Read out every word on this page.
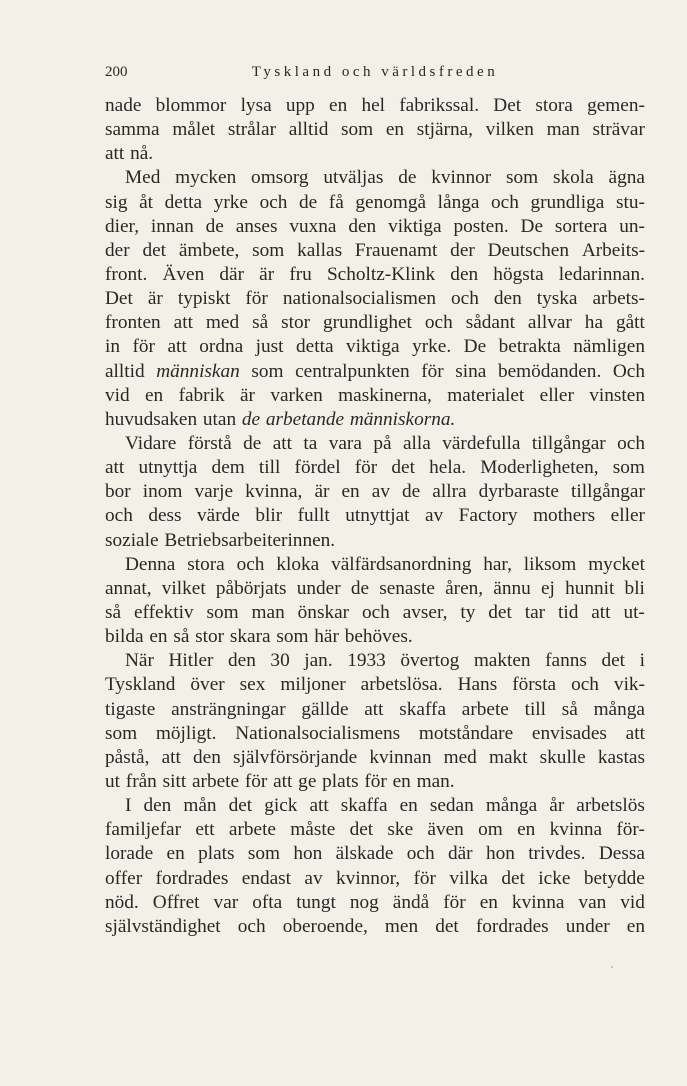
200	Tyskland och världsfreden
nade blommor lysa upp en hel fabrikssal. Det stora gemen-
samma målet strålar alltid som en stjärna, vilken man strävar
att nå.
Med mycken omsorg utväljas de kvinnor som skola ägna
sig åt detta yrke och de få genomgå långa och grundliga stu-
dier, innan de anses vuxna den viktiga posten. De sortera un-
der det ämbete, som kallas Frauenamt der Deutschen Arbeits-
front. Även där är fru Scholtz-Klink den högsta ledarinnan.
Det är typiskt för nationalsocialismen och den tyska arbets-
fronten att med så stor grundlighet och sådant allvar ha gått
in för att ordna just detta viktiga yrke. De betrakta nämligen
alltid människan som centralpunkten för sina bemödanden. Och
vid en fabrik är varken maskinerna, materialet eller vinsten
huvudsaken utan de arbetande människorna.
Vidare förstå de att ta vara på alla värdefulla tillgångar och
att utnyttja dem till fördel för det hela. Moderligheten, som
bor inom varje kvinna, är en av de allra dyrbaraste tillgångar
och dess värde blir fullt utnyttjat av Factory mothers eller
soziale Betriebsarbeiterinnen.
Denna stora och kloka välfärdsanordning har, liksom mycket
annat, vilket påbörjats under de senaste åren, ännu ej hunnit bli
så effektiv som man önskar och avser, ty det tar tid att ut-
bilda en så stor skara som här behöves.
När Hitler den 30 jan. 1933 övertog makten fanns det i
Tyskland över sex miljoner arbetslösa. Hans första och vik-
tigaste ansträngningar gällde att skaffa arbete till så många
som möjligt. Nationalsocialismens motståndare envisades att
påstå, att den självförsörjande kvinnan med makt skulle kastas
ut från sitt arbete för att ge plats för en man.
I den mån det gick att skaffa en sedan många år arbetslös
familjefar ett arbete måste det ske även om en kvinna för-
lorade en plats som hon älskade och där hon trivdes. Dessa
offer fordrades endast av kvinnor, för vilka det icke betydde
nöd. Offret var ofta tungt nog ändå för en kvinna van vid
självständighet och oberoende, men det fordrades under en
